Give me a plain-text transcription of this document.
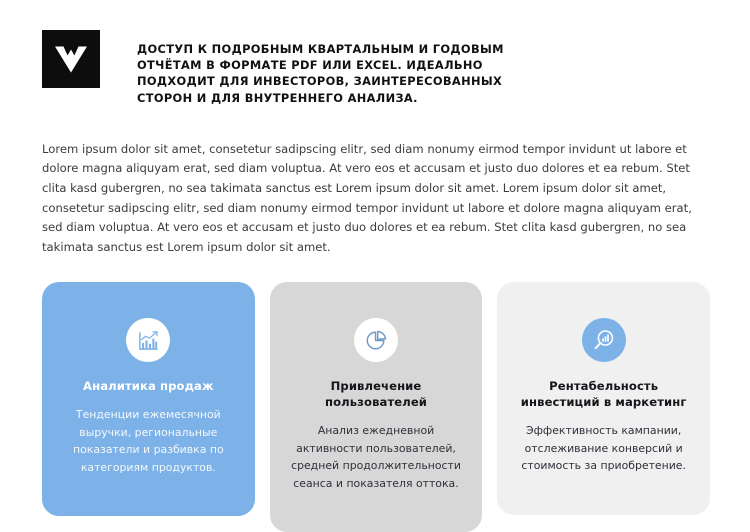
ДОСТУП К ПОДРОБНЫМ КВАРТАЛЬНЫМ И ГОДОВЫМ ОТЧЁТАМ В ФОРМАТЕ PDF ИЛИ EXCEL. ИДЕАЛЬНО ПОДХОДИТ ДЛЯ ИНВЕСТОРОВ, ЗАИНТЕРЕСОВАННЫХ СТОРОН И ДЛЯ ВНУТРЕННЕГО АНАЛИЗА.

Lorem ipsum dolor sit amet, consetetur sadipscing elitr, sed diam nonumy eirmod tempor invidunt ut labore et dolore magna aliquyam erat, sed diam voluptua. At vero eos et accusam et justo duo dolores et ea rebum. Stet clita kasd gubergren, no sea takimata sanctus est Lorem ipsum dolor sit amet. Lorem ipsum dolor sit amet, consetetur sadipscing elitr, sed diam nonumy eirmod tempor invidunt ut labore et dolore magna aliquyam erat, sed diam voluptua. At vero eos et accusam et justo duo dolores et ea rebum. Stet clita kasd gubergren, no sea takimata sanctus est Lorem ipsum dolor sit amet.

Аналитика продаж

Тенденции ежемесячной выручки, региональные показатели и разбивка по категориям продуктов.

Привлечение пользователей

Анализ ежедневной активности пользователей, средней продолжительности сеанса и показателя оттока.

Рентабельность инвестиций в маркетинг

Эффективность кампании, отслеживание конверсий и стоимость за приобретение.
